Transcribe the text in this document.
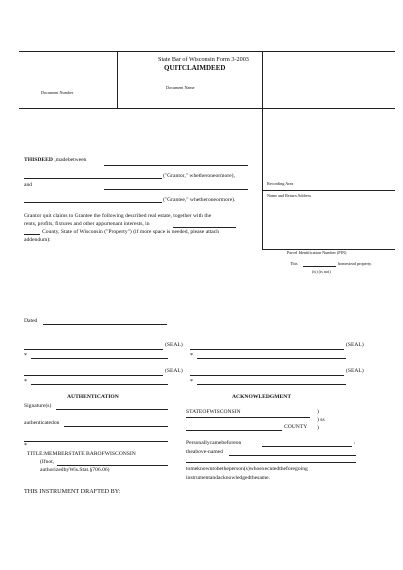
State Bar of Wisconsin Form 3-2003
QUITCLAIMDEED
Document Number
Document Name
Recording Area
Name and Return Address
Parcel Identification Number (PIN)
This	homestead property.
(is) (is not)
THISDEED ,madebetween
("Grantor," whetheroneormore),
and
("Grantee," whetheroneormore).
Grantor quit claims to Grantee the following described real estate, together with the
rents, profits, fixtures and other appurtenant interests, in
County, State of Wisconsin ("Property") (if more space is needed, please attach
addendum):
Dated
(SEAL)	(SEAL)
*	*
(SEAL)	(SEAL)
*	*
AUTHENTICATION
Signature(s)
authenticatedon
*
TITLE:MEMBERSTATE BAROFWISCONSIN
(Ifnot,
authorizedbyWis.Stat.§706.06)
ACKNOWLEDGMENT
STATEOFWISCONSIN	)
) ss
COUNTY )
Personallycamebeforeon	,
theabove-named
tomeknowntobetheperson(s)whoexecutedtheforegoing
instrumentandacknowledgedthesame.
THIS INSTRUMENT DRAFTED BY:
